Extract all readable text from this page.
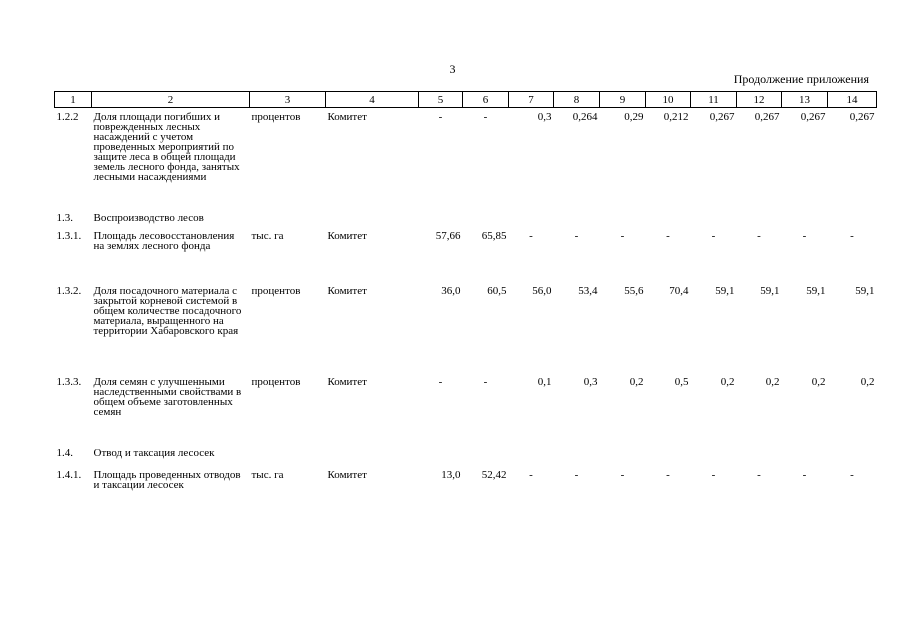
3
Продолжение приложения
1	2	3	4	5	6	7	8	9	10	11	12	13	14
1.2.2	Доля площади погибших и поврежденных лесных насаждений с учетом проведенных мероприятий по защите леса в общей площади земель лесного фонда, занятых лесными насаждениями	процентов	Комитет	-	-	0,3	0,264	0,29	0,212	0,267	0,267	0,267	0,267
1.3.	Воспроизводство лесов												
1.3.1.	Площадь лесовосстановления на землях лесного фонда	тыс. га	Комитет	57,66	65,85	-	-	-	-	-	-	-	-
1.3.2.	Доля посадочного материала с закрытой корневой системой в общем количестве посадочного материала, выращенного на территории Хабаровского края	процентов	Комитет	36,0	60,5	56,0	53,4	55,6	70,4	59,1	59,1	59,1	59,1
1.3.3.	Доля семян с улучшенными наследственными свойствами в общем объеме заготовленных семян	процентов	Комитет	-	-	0,1	0,3	0,2	0,5	0,2	0,2	0,2	0,2
1.4.	Отвод и таксация лесосек												
1.4.1.	Площадь проведенных отводов и таксации лесосек	тыс. га	Комитет	13,0	52,42	-	-	-	-	-	-	-	-
